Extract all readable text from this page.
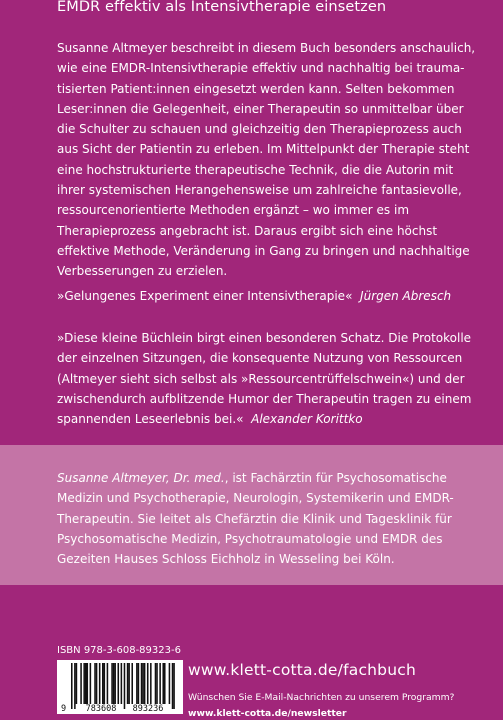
EMDR effektiv als Intensivtherapie einsetzen

Susanne Altmeyer beschreibt in diesem Buch besonders anschaulich, wie eine EMDR-Intensivtherapie effektiv und nachhaltig bei traumatisierten Patient:innen eingesetzt werden kann. Selten bekommen Leser:innen die Gelegenheit, einer Therapeutin so unmittelbar über die Schulter zu schauen und gleichzeitig den Therapieprozess auch aus Sicht der Patientin zu erleben. Im Mittelpunkt der Therapie steht eine hochstrukturierte therapeutische Technik, die die Autorin mit ihrer systemischen Herangehensweise um zahlreiche fantasievolle, ressourcenorientierte Methoden ergänzt – wo immer es im Therapieprozess angebracht ist. Daraus ergibt sich eine höchst effektive Methode, Veränderung in Gang zu bringen und nachhaltige Verbesserungen zu erzielen.

»Gelungenes Experiment einer Intensivtherapie« Jürgen Abresch
»Diese kleine Büchlein birgt einen besonderen Schatz. Die Protokolle der einzelnen Sitzungen, die konsequente Nutzung von Ressourcen (Altmeyer sieht sich selbst als »Ressourcentrüffelschwein«) und der zwischendurch aufblitzende Humor der Therapeutin tragen zu einem spannenden Leseerlebnis bei.« Alexander Korittko
Susanne Altmeyer, Dr. med., ist Fachärztin für Psychosomatische Medizin und Psychotherapie, Neurologin, Systemikerin und EMDR-Therapeutin. Sie leitet als Chefärztin die Klinik und Tagesklinik für Psychosomatische Medizin, Psychotraumatologie und EMDR des Gezeiten Hauses Schloss Eichholz in Wesseling bei Köln.
ISBN 978-3-608-89323-6
9 783608 893236
www.klett-cotta.de/fachbuch
Wünschen Sie E-Mail-Nachrichten zu unserem Programm?
www.klett-cotta.de/newsletter
